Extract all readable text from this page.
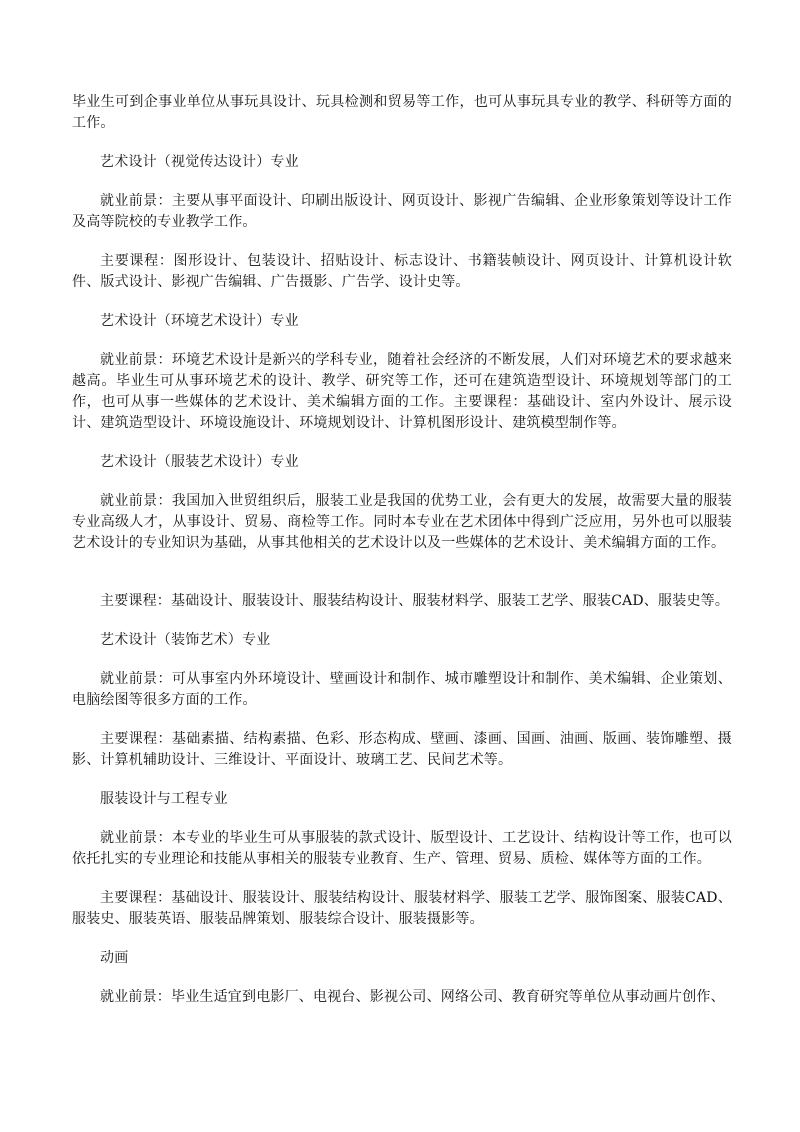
毕业生可到企事业单位从事玩具设计、玩具检测和贸易等工作，也可从事玩具专业的教学、科研等方面的工作。

艺术设计（视觉传达设计）专业

就业前景：主要从事平面设计、印刷出版设计、网页设计、影视广告编辑、企业形象策划等设计工作及高等院校的专业教学工作。

主要课程：图形设计、包装设计、招贴设计、标志设计、书籍装帧设计、网页设计、计算机设计软件、版式设计、影视广告编辑、广告摄影、广告学、设计史等。

艺术设计（环境艺术设计）专业

就业前景：环境艺术设计是新兴的学科专业，随着社会经济的不断发展，人们对环境艺术的要求越来越高。毕业生可从事环境艺术的设计、教学、研究等工作，还可在建筑造型设计、环境规划等部门的工作，也可从事一些媒体的艺术设计、美术编辑方面的工作。主要课程：基础设计、室内外设计、展示设计、建筑造型设计、环境设施设计、环境规划设计、计算机图形设计、建筑模型制作等。

艺术设计（服装艺术设计）专业

就业前景：我国加入世贸组织后，服装工业是我国的优势工业，会有更大的发展，故需要大量的服装专业高级人才，从事设计、贸易、商检等工作。同时本专业在艺术团体中得到广泛应用，另外也可以服装艺术设计的专业知识为基础，从事其他相关的艺术设计以及一些媒体的艺术设计、美术编辑方面的工作。

主要课程：基础设计、服装设计、服装结构设计、服装材料学、服装工艺学、服装CAD、服装史等。

艺术设计（装饰艺术）专业

就业前景：可从事室内外环境设计、壁画设计和制作、城市雕塑设计和制作、美术编辑、企业策划、电脑绘图等很多方面的工作。

主要课程：基础素描、结构素描、色彩、形态构成、壁画、漆画、国画、油画、版画、装饰雕塑、摄影、计算机辅助设计、三维设计、平面设计、玻璃工艺、民间艺术等。

服装设计与工程专业

就业前景：本专业的毕业生可从事服装的款式设计、版型设计、工艺设计、结构设计等工作，也可以依托扎实的专业理论和技能从事相关的服装专业教育、生产、管理、贸易、质检、媒体等方面的工作。

主要课程：基础设计、服装设计、服装结构设计、服装材料学、服装工艺学、服饰图案、服装CAD、服装史、服装英语、服装品牌策划、服装综合设计、服装摄影等。

动画

就业前景：毕业生适宜到电影厂、电视台、影视公司、网络公司、教育研究等单位从事动画片创作、
